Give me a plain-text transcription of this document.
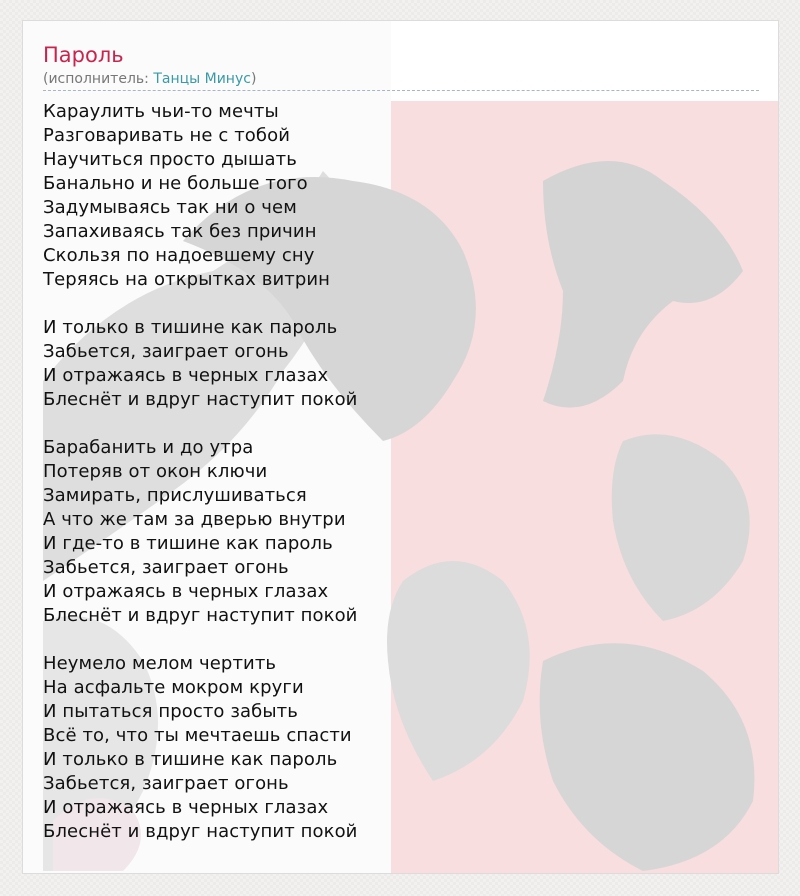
Пароль
(исполнитель: Танцы Минус)
Караулить чьи-то мечты
Разговаривать не с тобой
Научиться просто дышать
Банально и не больше того
Задумываясь так ни о чем
Запахиваясь так без причин
Скользя по надоевшему сну
Теряясь на открытках витрин
И только в тишине как пароль
Забьется, заиграет огонь
И отражаясь в черных глазах
Блеснёт и вдруг наступит покой
Барабанить и до утра
Потеряв от окон ключи
Замирать, прислушиваться
А что же там за дверью внутри
И где-то в тишине как пароль
Забьется, заиграет огонь
И отражаясь в черных глазах
Блеснёт и вдруг наступит покой
Неумело мелом чертить
На асфальте мокром круги
И пытаться просто забыть
Всё то, что ты мечтаешь спасти
И только в тишине как пароль
Забьется, заиграет огонь
И отражаясь в черных глазах
Блеснёт и вдруг наступит покой
